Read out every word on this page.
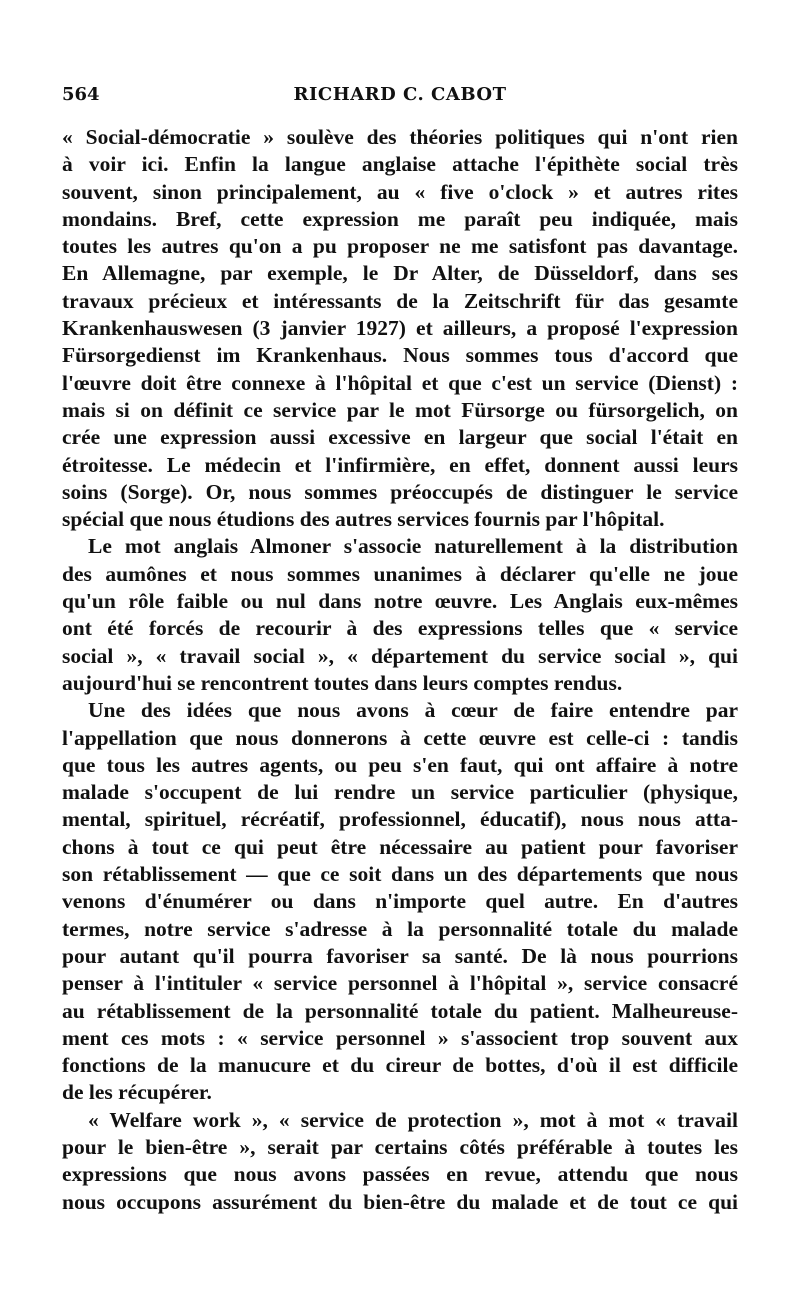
564	RICHARD C. CABOT
« Social-démocratie » soulève des théories politiques qui n'ont rien
à voir ici. Enfin la langue anglaise attache l'épithète social très
souvent, sinon principalement, au « five o'clock » et autres rites
mondains. Bref, cette expression me paraît peu indiquée, mais
toutes les autres qu'on a pu proposer ne me satisfont pas davantage.
En Allemagne, par exemple, le Dr Alter, de Düsseldorf, dans ses
travaux précieux et intéressants de la Zeitschrift für das gesamte
Krankenhauswesen (3 janvier 1927) et ailleurs, a proposé l'expression
Fürsorgedienst im Krankenhaus. Nous sommes tous d'accord que
l'œuvre doit être connexe à l'hôpital et que c'est un service (Dienst) :
mais si on définit ce service par le mot Fürsorge ou fürsorgelich, on
crée une expression aussi excessive en largeur que social l'était en
étroitesse. Le médecin et l'infirmière, en effet, donnent aussi leurs
soins (Sorge). Or, nous sommes préoccupés de distinguer le service
spécial que nous étudions des autres services fournis par l'hôpital.
Le mot anglais Almoner s'associe naturellement à la distribution
des aumônes et nous sommes unanimes à déclarer qu'elle ne joue
qu'un rôle faible ou nul dans notre œuvre. Les Anglais eux-mêmes
ont été forcés de recourir à des expressions telles que « service
social », « travail social », « département du service social », qui
aujourd'hui se rencontrent toutes dans leurs comptes rendus.
Une des idées que nous avons à cœur de faire entendre par
l'appellation que nous donnerons à cette œuvre est celle-ci : tandis
que tous les autres agents, ou peu s'en faut, qui ont affaire à notre
malade s'occupent de lui rendre un service particulier (physique,
mental, spirituel, récréatif, professionnel, éducatif), nous nous atta-
chons à tout ce qui peut être nécessaire au patient pour favoriser
son rétablissement — que ce soit dans un des départements que nous
venons d'énumérer ou dans n'importe quel autre. En d'autres
termes, notre service s'adresse à la personnalité totale du malade
pour autant qu'il pourra favoriser sa santé. De là nous pourrions
penser à l'intituler « service personnel à l'hôpital », service consacré
au rétablissement de la personnalité totale du patient. Malheureuse-
ment ces mots : « service personnel » s'associent trop souvent aux
fonctions de la manucure et du cireur de bottes, d'où il est difficile
de les récupérer.
« Welfare work », « service de protection », mot à mot « travail
pour le bien-être », serait par certains côtés préférable à toutes les
expressions que nous avons passées en revue, attendu que nous
nous occupons assurément du bien-être du malade et de tout ce qui
